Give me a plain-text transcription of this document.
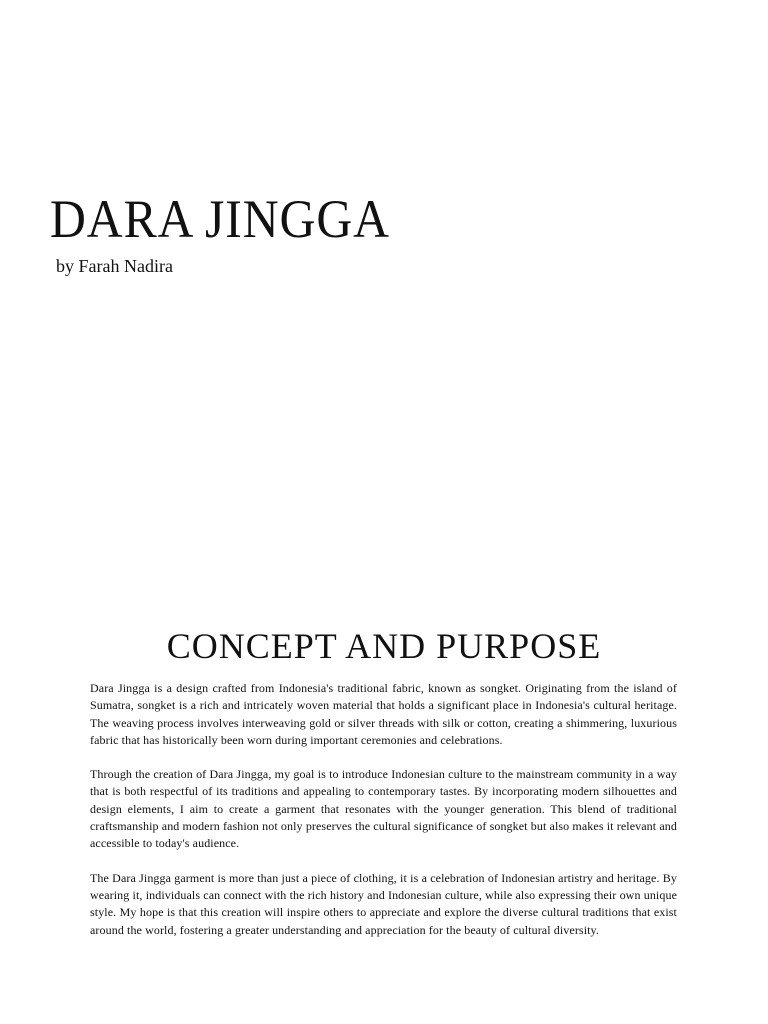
DARA JINGGA

by Farah Nadira

CONCEPT AND PURPOSE

Dara Jingga is a design crafted from Indonesia's traditional fabric, known as songket. Originating from the island of Sumatra, songket is a rich and intricately woven material that holds a significant place in Indonesia's cultural heritage. The weaving process involves interweaving gold or silver threads with silk or cotton, creating a shimmering, luxurious fabric that has historically been worn during important ceremonies and celebrations.

Through the creation of Dara Jingga, my goal is to introduce Indonesian culture to the mainstream community in a way that is both respectful of its traditions and appealing to contemporary tastes. By incorporating modern silhouettes and design elements, I aim to create a garment that resonates with the younger generation. This blend of traditional craftsmanship and modern fashion not only preserves the cultural significance of songket but also makes it relevant and accessible to today's audience.

The Dara Jingga garment is more than just a piece of clothing, it is a celebration of Indonesian artistry and heritage. By wearing it, individuals can connect with the rich history and Indonesian culture, while also expressing their own unique style. My hope is that this creation will inspire others to appreciate and explore the diverse cultural traditions that exist around the world, fostering a greater understanding and appreciation for the beauty of cultural diversity.
